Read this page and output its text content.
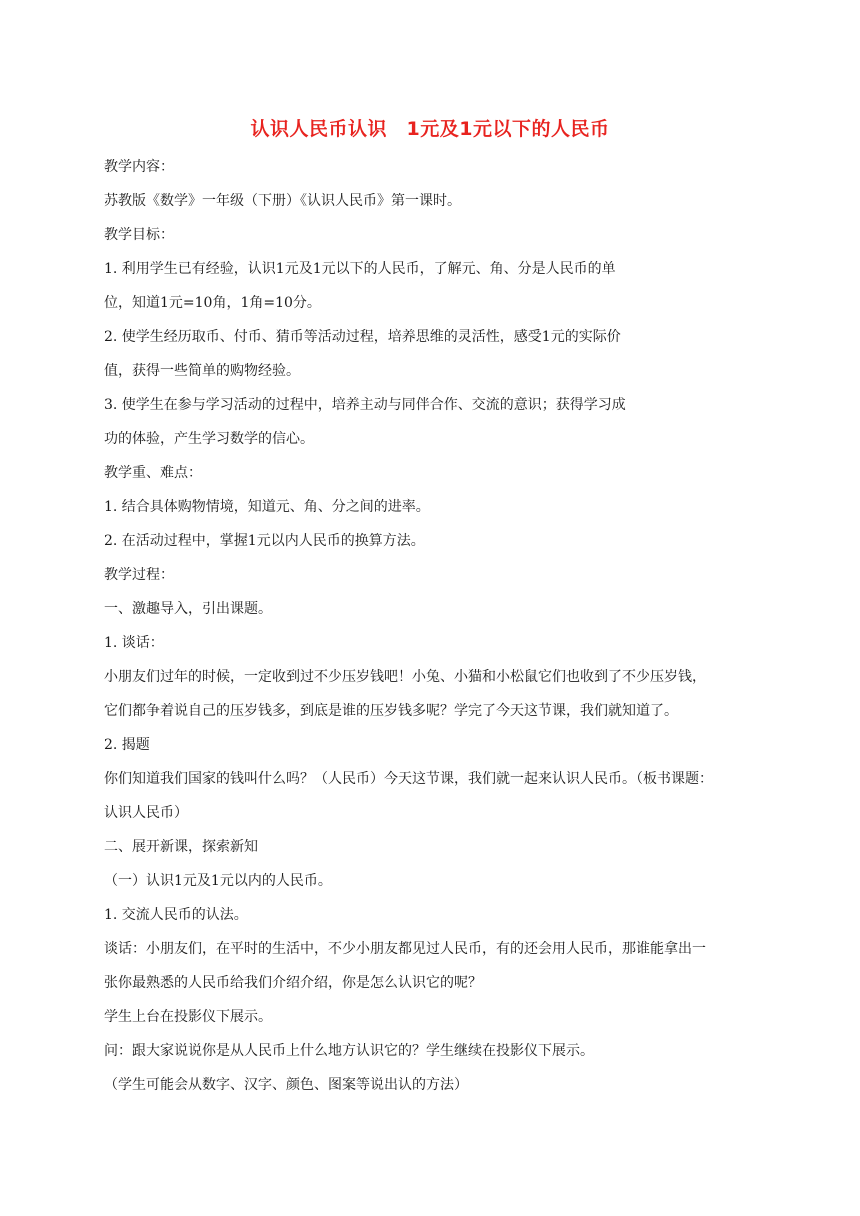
认识人民币认识　1元及1元以下的人民币
教学内容：
苏教版《数学》一年级（下册）《认识人民币》第一课时。
教学目标：
1. 利用学生已有经验，认识1元及1元以下的人民币，了解元、角、分是人民币的单
位，知道1元=10角，1角=10分。
2. 使学生经历取币、付币、猜币等活动过程，培养思维的灵活性，感受1元的实际价
值，获得一些简单的购物经验。
3. 使学生在参与学习活动的过程中，培养主动与同伴合作、交流的意识；获得学习成
功的体验，产生学习数学的信心。
教学重、难点：
1. 结合具体购物情境，知道元、角、分之间的进率。
2. 在活动过程中，掌握1元以内人民币的换算方法。
教学过程：
一、激趣导入，引出课题。
1. 谈话：
小朋友们过年的时候，一定收到过不少压岁钱吧！小兔、小猫和小松鼠它们也收到了不少压岁钱，
它们都争着说自己的压岁钱多，到底是谁的压岁钱多呢？学完了今天这节课，我们就知道了。
2. 揭题
你们知道我们国家的钱叫什么吗？（人民币）今天这节课，我们就一起来认识人民币。（板书课题：
认识人民币）
二、展开新课，探索新知
（一）认识1元及1元以内的人民币。
1. 交流人民币的认法。
谈话：小朋友们，在平时的生活中，不少小朋友都见过人民币，有的还会用人民币，那谁能拿出一
张你最熟悉的人民币给我们介绍介绍，你是怎么认识它的呢？
学生上台在投影仪下展示。
问：跟大家说说你是从人民币上什么地方认识它的？学生继续在投影仪下展示。
（学生可能会从数字、汉字、颜色、图案等说出认的方法）
